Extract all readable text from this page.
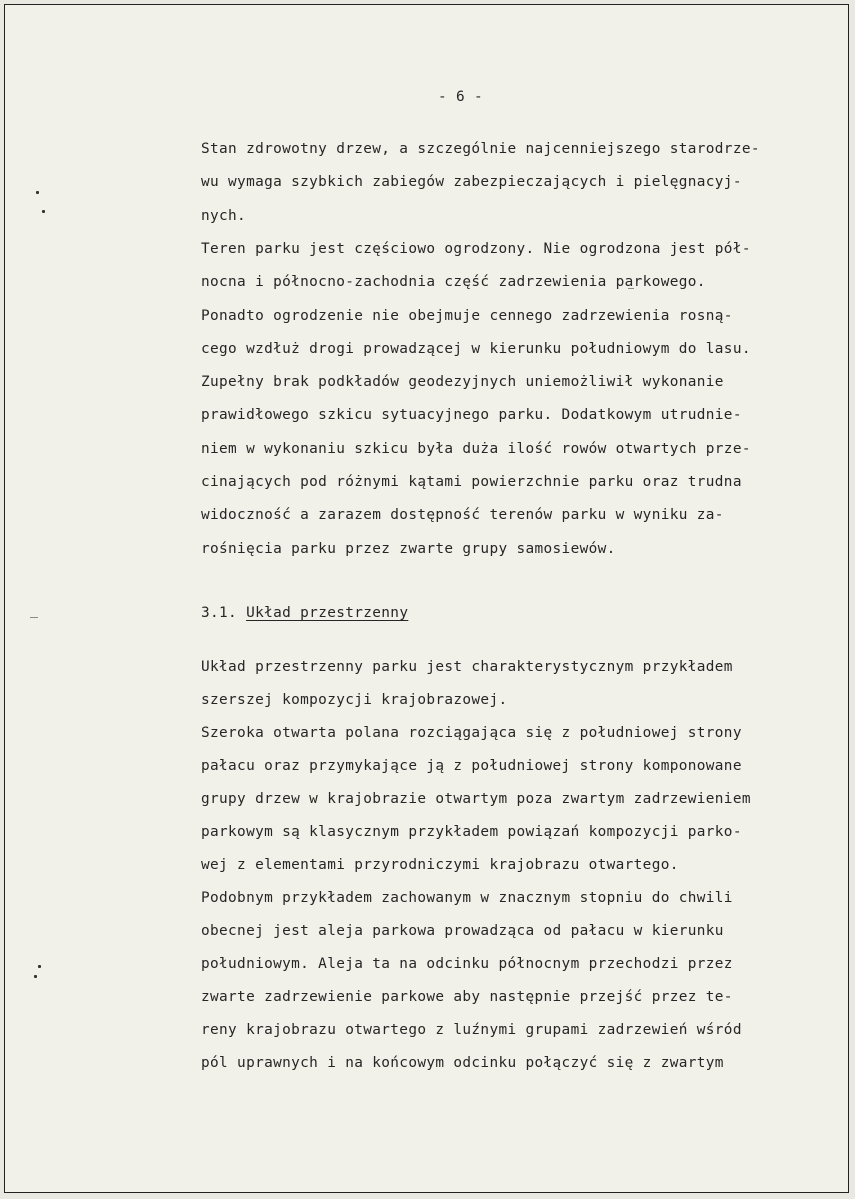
- 6 -

Stan zdrowotny drzew, a szczególnie najcenniejszego starodrze-

wu wymaga szybkich zabiegów zabezpieczających i pielęgnacyj-

nych.

Teren parku jest częściowo ogrodzony. Nie ogrodzona jest pół-

nocna i północno-zachodnia część zadrzewienia parkowego.

Ponadto ogrodzenie nie obejmuje cennego zadrzewienia rosną-

cego wzdłuż drogi prowadzącej w kierunku południowym do lasu.

Zupełny brak podkładów geodezyjnych uniemożliwił wykonanie

prawidłowego szkicu sytuacyjnego parku. Dodatkowym utrudnie-

niem w wykonaniu szkicu była duża ilość rowów otwartych prze-

cinających pod różnymi kątami powierzchnie parku oraz trudna

widoczność a zarazem dostępność terenów parku w wyniku za-

rośnięcia parku przez zwarte grupy samosiewów.

3.1. Układ przestrzenny

Układ przestrzenny parku jest charakterystycznym przykładem

szerszej kompozycji krajobrazowej.

Szeroka otwarta polana rozciągająca się z południowej strony

pałacu oraz przymykające ją z południowej strony komponowane

grupy drzew w krajobrazie otwartym poza zwartym zadrzewieniem

parkowym są klasycznym przykładem powiązań kompozycji parko-

wej z elementami przyrodniczymi krajobrazu otwartego.

Podobnym przykładem zachowanym w znacznym stopniu do chwili

obecnej jest aleja parkowa prowadząca od pałacu w kierunku

południowym. Aleja ta na odcinku północnym przechodzi przez

zwarte zadrzewienie parkowe aby następnie przejść przez te-

reny krajobrazu otwartego z luźnymi grupami zadrzewień wśród

pól uprawnych i na końcowym odcinku połączyć się z zwartym
